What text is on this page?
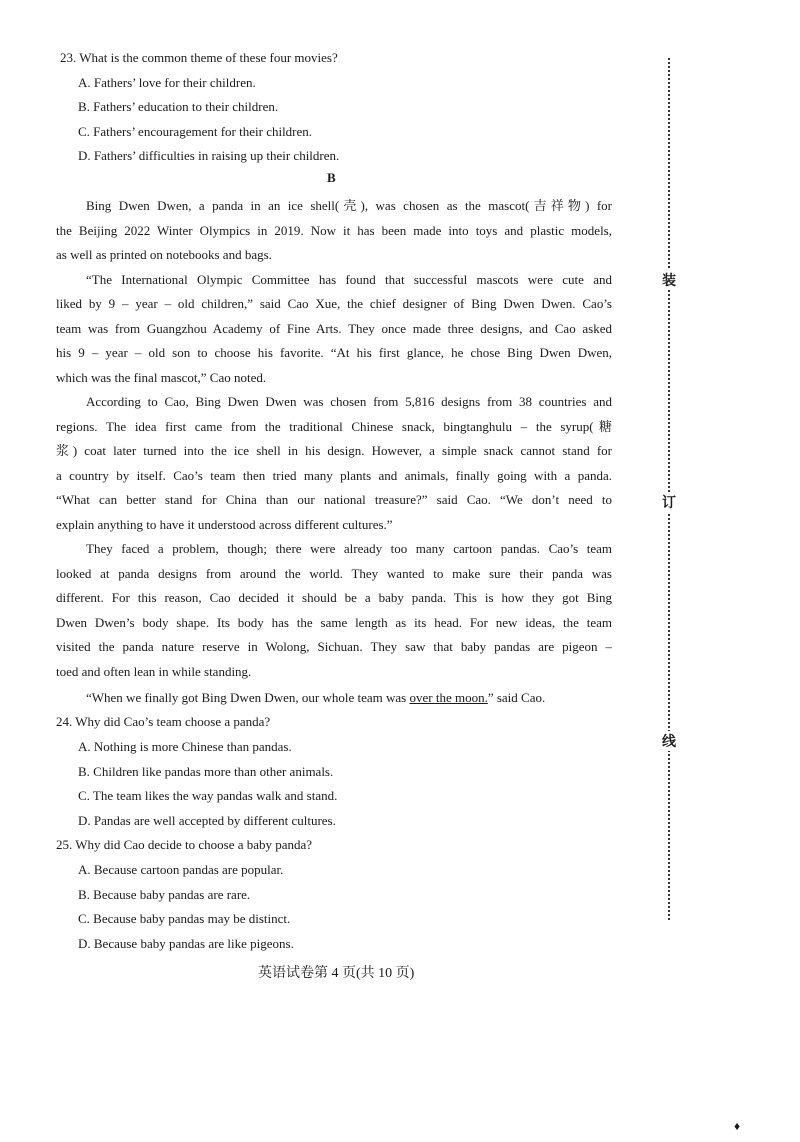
23. What is the common theme of these four movies?
A. Fathers’ love for their children.
B. Fathers’ education to their children.
C. Fathers’ encouragement for their children.
D. Fathers’ difficulties in raising up their children.
B
Bing Dwen Dwen, a panda in an ice shell(壳), was chosen as the mascot(吉祥物) for
the Beijing 2022 Winter Olympics in 2019. Now it has been made into toys and plastic models,
as well as printed on notebooks and bags.
“The International Olympic Committee has found that successful mascots were cute and
liked by 9 – year – old children,” said Cao Xue, the chief designer of Bing Dwen Dwen. Cao’s
team was from Guangzhou Academy of Fine Arts. They once made three designs, and Cao asked
his 9 – year – old son to choose his favorite. “At his first glance, he chose Bing Dwen Dwen,
which was the final mascot,” Cao noted.
According to Cao, Bing Dwen Dwen was chosen from 5,816 designs from 38 countries and
regions. The idea first came from the traditional Chinese snack, bingtanghulu – the syrup(糖
浆) coat later turned into the ice shell in his design. However, a simple snack cannot stand for
a country by itself. Cao’s team then tried many plants and animals, finally going with a panda.
“What can better stand for China than our national treasure?” said Cao. “We don’t need to
explain anything to have it understood across different cultures.”
They faced a problem, though; there were already too many cartoon pandas. Cao’s team
looked at panda designs from around the world. They wanted to make sure their panda was
different. For this reason, Cao decided it should be a baby panda. This is how they got Bing
Dwen Dwen’s body shape. Its body has the same length as its head. For new ideas, the team
visited the panda nature reserve in Wolong, Sichuan. They saw that baby pandas are pigeon –
toed and often lean in while standing.
“When we finally got Bing Dwen Dwen, our whole team was over the moon.” said Cao.
24. Why did Cao’s team choose a panda?
A. Nothing is more Chinese than pandas.
B. Children like pandas more than other animals.
C. The team likes the way pandas walk and stand.
D. Pandas are well accepted by different cultures.
25. Why did Cao decide to choose a baby panda?
A. Because cartoon pandas are popular.
B. Because baby pandas are rare.
C. Because baby pandas may be distinct.
D. Because baby pandas are like pigeons.
装
订
线
英语试卷第 4 页(共 10 页)
♦
